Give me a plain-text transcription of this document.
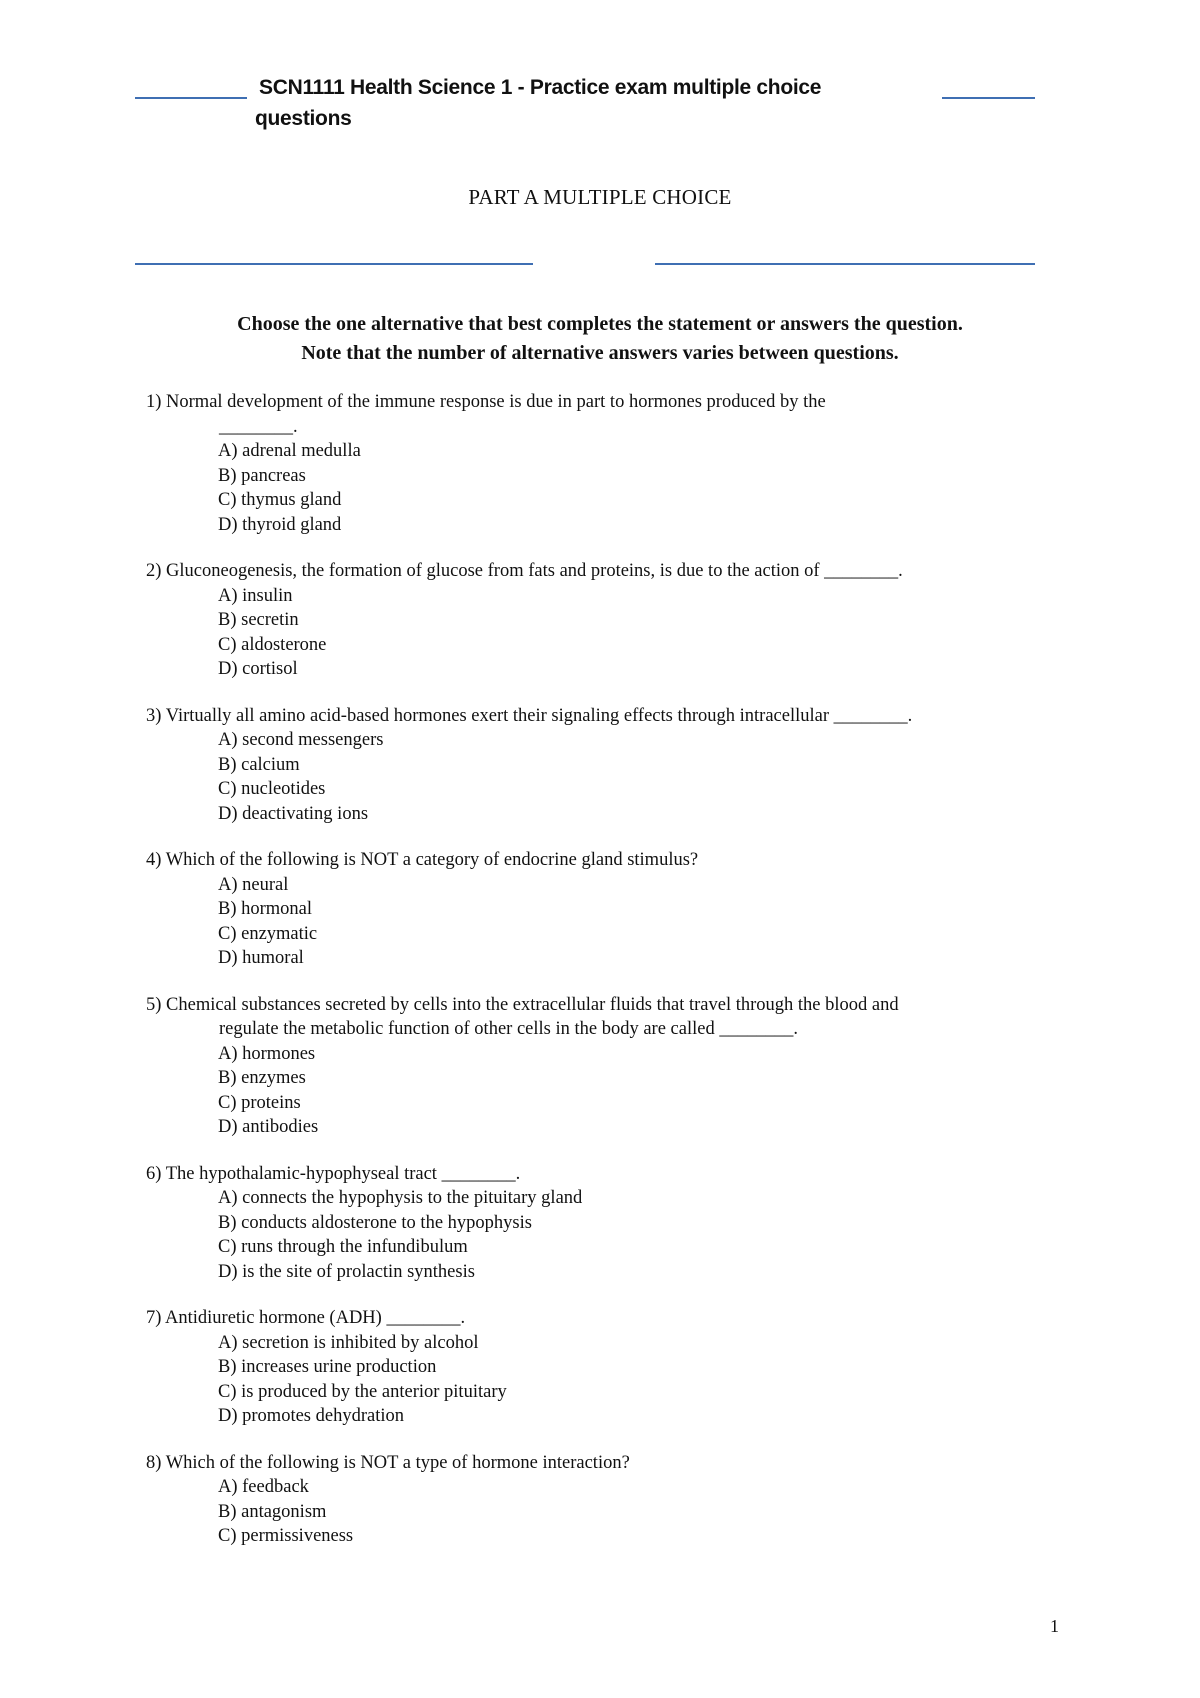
SCN1111 Health Science 1 - Practice exam multiple choice
questions
PART A MULTIPLE CHOICE
Choose the one alternative that best completes the statement or answers the question.
Note that the number of alternative answers varies between questions.
1) Normal development of the immune response is due in part to hormones produced by the
________.
A) adrenal medulla
B) pancreas
C) thymus gland
D) thyroid gland
2) Gluconeogenesis, the formation of glucose from fats and proteins, is due to the action of ________.
A) insulin
B) secretin
C) aldosterone
D) cortisol
3) Virtually all amino acid-based hormones exert their signaling effects through intracellular ________.
A) second messengers
B) calcium
C) nucleotides
D) deactivating ions
4) Which of the following is NOT a category of endocrine gland stimulus?
A) neural
B) hormonal
C) enzymatic
D) humoral
5) Chemical substances secreted by cells into the extracellular fluids that travel through the blood and
regulate the metabolic function of other cells in the body are called ________.
A) hormones
B) enzymes
C) proteins
D) antibodies
6) The hypothalamic-hypophyseal tract ________.
A) connects the hypophysis to the pituitary gland
B) conducts aldosterone to the hypophysis
C) runs through the infundibulum
D) is the site of prolactin synthesis
7) Antidiuretic hormone (ADH) ________.
A) secretion is inhibited by alcohol
B) increases urine production
C) is produced by the anterior pituitary
D) promotes dehydration
8) Which of the following is NOT a type of hormone interaction?
A) feedback
B) antagonism
C) permissiveness
1
